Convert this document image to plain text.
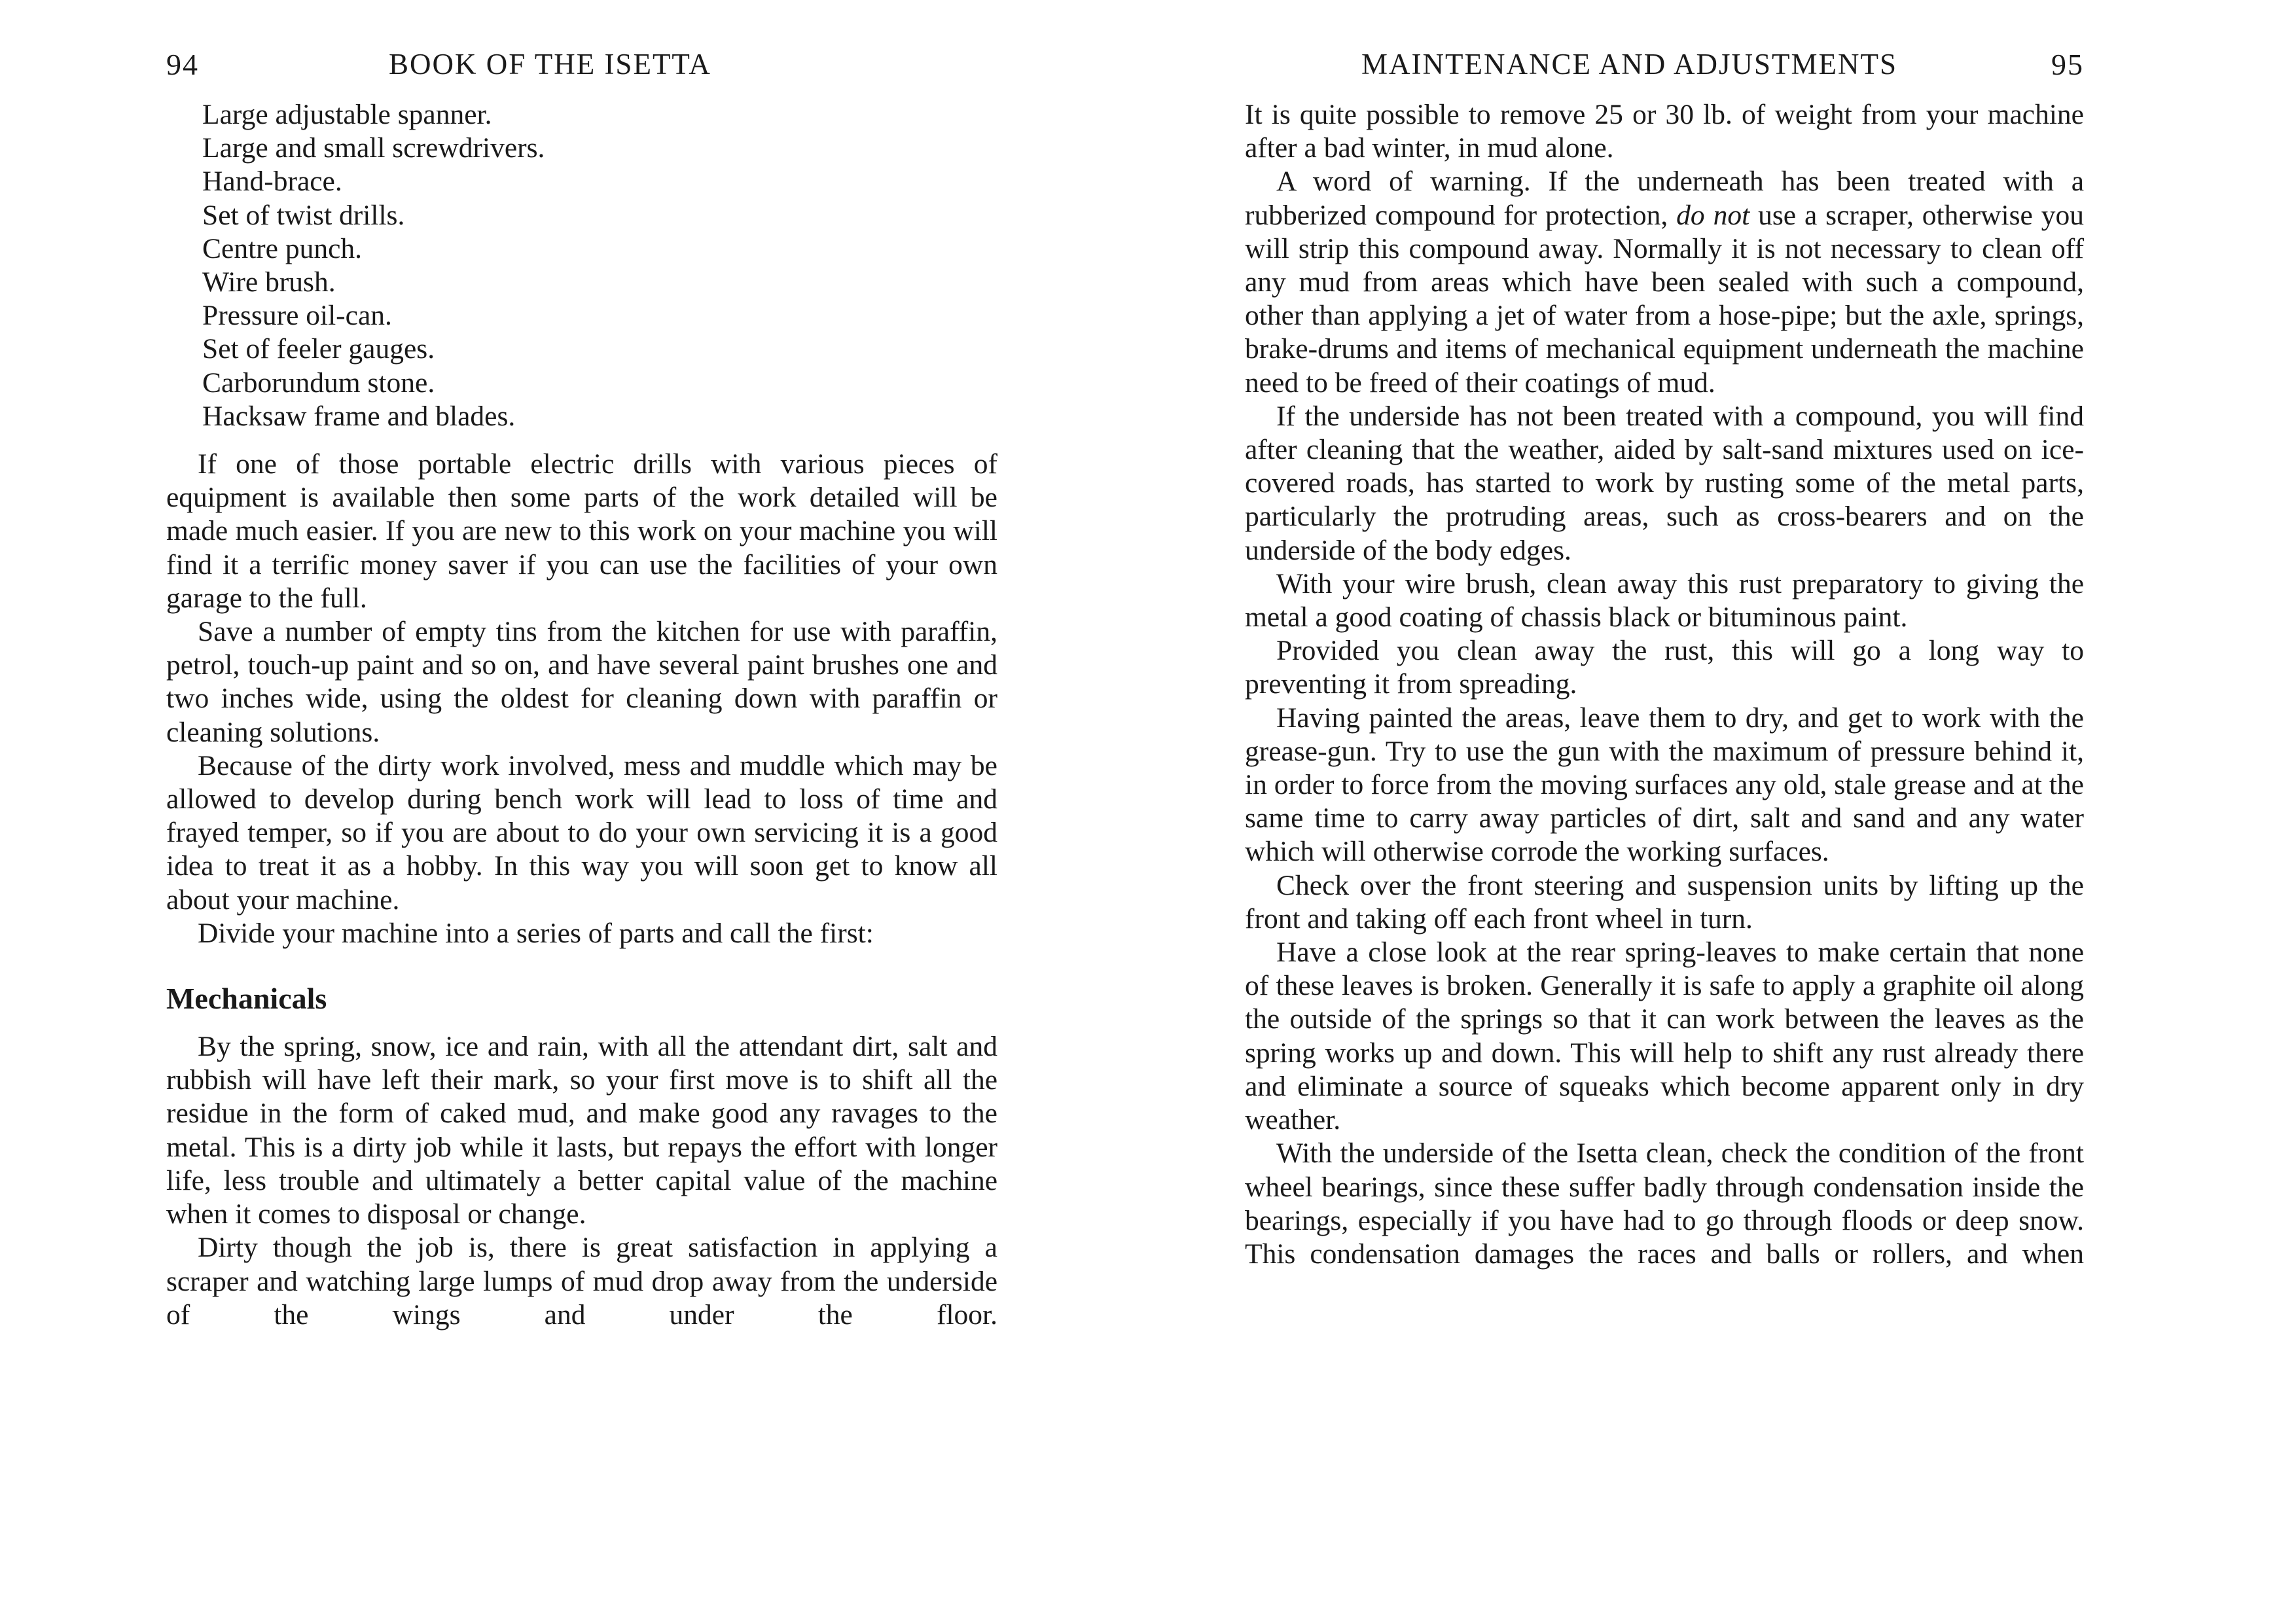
94	BOOK OF THE ISETTA
Large adjustable spanner.
Large and small screwdrivers.
Hand-brace.
Set of twist drills.
Centre punch.
Wire brush.
Pressure oil-can.
Set of feeler gauges.
Carborundum stone.
Hacksaw frame and blades.

If one of those portable electric drills with various pieces of equipment is available then some parts of the work detailed will be made much easier. If you are new to this work on your machine you will find it a terrific money saver if you can use the facilities of your own garage to the full.

Save a number of empty tins from the kitchen for use with paraffin, petrol, touch-up paint and so on, and have several paint brushes one and two inches wide, using the oldest for cleaning down with paraffin or cleaning solutions.

Because of the dirty work involved, mess and muddle which may be allowed to develop during bench work will lead to loss of time and frayed temper, so if you are about to do your own servicing it is a good idea to treat it as a hobby. In this way you will soon get to know all about your machine.

Divide your machine into a series of parts and call the first:

Mechanicals

By the spring, snow, ice and rain, with all the attendant dirt, salt and rubbish will have left their mark, so your first move is to shift all the residue in the form of caked mud, and make good any ravages to the metal. This is a dirty job while it lasts, but repays the effort with longer life, less trouble and ultimately a better capital value of the machine when it comes to disposal or change.

Dirty though the job is, there is great satisfaction in applying a scraper and watching large lumps of mud drop away from the underside of the wings and under the floor.

MAINTENANCE AND ADJUSTMENTS	95

It is quite possible to remove 25 or 30 lb. of weight from your machine after a bad winter, in mud alone.

A word of warning. If the underneath has been treated with a rubberized compound for protection, do not use a scraper, otherwise you will strip this compound away. Normally it is not necessary to clean off any mud from areas which have been sealed with such a compound, other than applying a jet of water from a hose-pipe; but the axle, springs, brake-drums and items of mechanical equipment underneath the machine need to be freed of their coatings of mud.

If the underside has not been treated with a compound, you will find after cleaning that the weather, aided by salt-sand mixtures used on ice-covered roads, has started to work by rusting some of the metal parts, particularly the protruding areas, such as cross-bearers and on the underside of the body edges.

With your wire brush, clean away this rust preparatory to giving the metal a good coating of chassis black or bituminous paint.

Provided you clean away the rust, this will go a long way to preventing it from spreading.

Having painted the areas, leave them to dry, and get to work with the grease-gun. Try to use the gun with the maximum of pressure behind it, in order to force from the moving surfaces any old, stale grease and at the same time to carry away particles of dirt, salt and sand and any water which will otherwise corrode the working surfaces.

Check over the front steering and suspension units by lifting up the front and taking off each front wheel in turn.

Have a close look at the rear spring-leaves to make certain that none of these leaves is broken. Generally it is safe to apply a graphite oil along the outside of the springs so that it can work between the leaves as the spring works up and down. This will help to shift any rust already there and eliminate a source of squeaks which become apparent only in dry weather.

With the underside of the Isetta clean, check the condition of the front wheel bearings, since these suffer badly through condensation inside the bearings, especially if you have had to go through floods or deep snow. This condensation damages the races and balls or rollers, and when
